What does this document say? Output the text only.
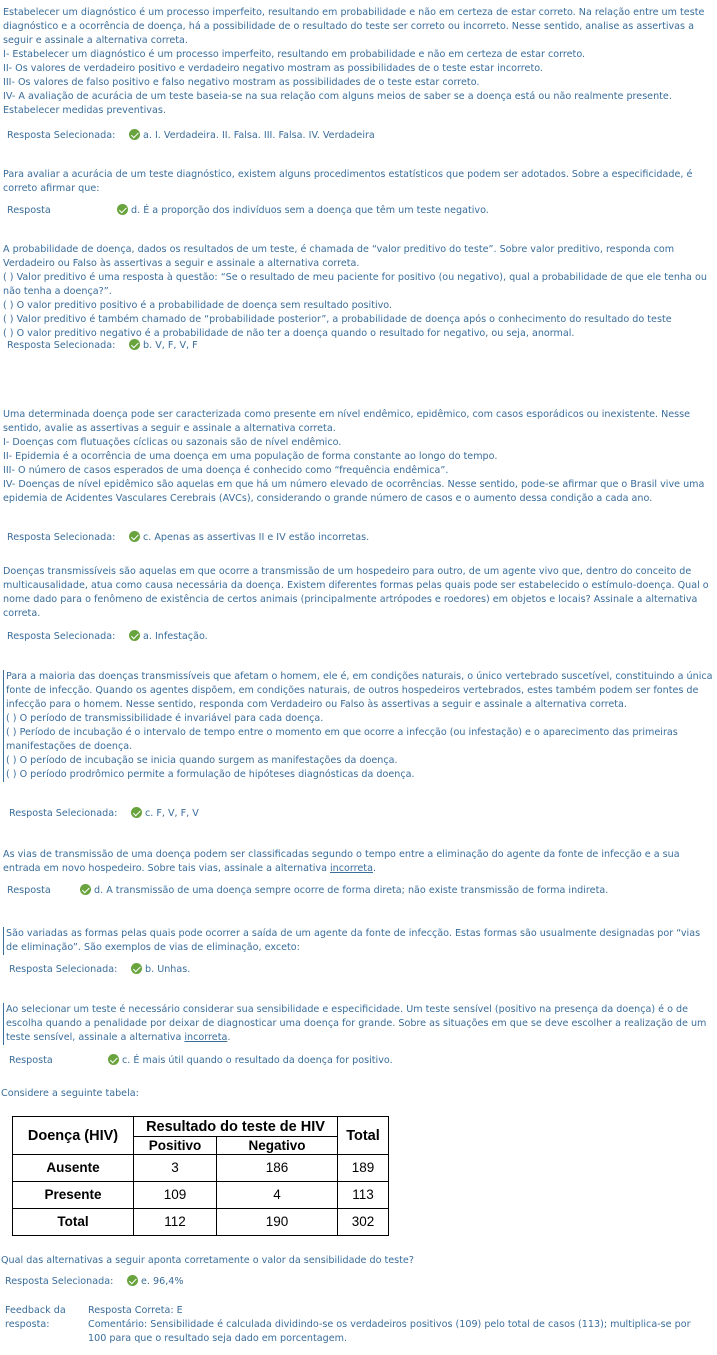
Estabelecer um diagnóstico é um processo imperfeito, resultando em probabilidade e não em certeza de estar correto. Na relação entre um teste diagnóstico e a ocorrência de doença, há a possibilidade de o resultado do teste ser correto ou incorreto. Nesse sentido, analise as assertivas a seguir e assinale a alternativa correta.

I- Estabelecer um diagnóstico é um processo imperfeito, resultando em probabilidade e não em certeza de estar correto.

II- Os valores de verdadeiro positivo e verdadeiro negativo mostram as possibilidades de o teste estar incorreto.

III- Os valores de falso positivo e falso negativo mostram as possibilidades de o teste estar correto.

IV- A avaliação de acurácia de um teste baseia-se na sua relação com alguns meios de saber se a doença está ou não realmente presente. Estabelecer medidas preventivas.

Resposta Selecionada:	a. I. Verdadeira. II. Falsa. III. Falsa. IV. Verdadeira

Para avaliar a acurácia de um teste diagnóstico, existem alguns procedimentos estatísticos que podem ser adotados. Sobre a especificidade, é correto afirmar que:

Resposta	d. É a proporção dos indivíduos sem a doença que têm um teste negativo.

A probabilidade de doença, dados os resultados de um teste, é chamada de “valor preditivo do teste”. Sobre valor preditivo, responda com Verdadeiro ou Falso às assertivas a seguir e assinale a alternativa correta.

( ) Valor preditivo é uma resposta à questão: “Se o resultado de meu paciente for positivo (ou negativo), qual a probabilidade de que ele tenha ou não tenha a doença?”.

( ) O valor preditivo positivo é a probabilidade de doença sem resultado positivo.

( ) Valor preditivo é também chamado de “probabilidade posterior”, a probabilidade de doença após o conhecimento do resultado do teste

( ) O valor preditivo negativo é a probabilidade de não ter a doença quando o resultado for negativo, ou seja, anormal.

Resposta Selecionada:	b. V, F, V, F

Uma determinada doença pode ser caracterizada como presente em nível endêmico, epidêmico, com casos esporádicos ou inexistente. Nesse sentido, avalie as assertivas a seguir e assinale a alternativa correta.

I- Doenças com flutuações cíclicas ou sazonais são de nível endêmico.

II- Epidemia é a ocorrência de uma doença em uma população de forma constante ao longo do tempo.

III- O número de casos esperados de uma doença é conhecido como “frequência endêmica”.

IV- Doenças de nível epidêmico são aquelas em que há um número elevado de ocorrências. Nesse sentido, pode-se afirmar que o Brasil vive uma epidemia de Acidentes Vasculares Cerebrais (AVCs), considerando o grande número de casos e o aumento dessa condição a cada ano.

Resposta Selecionada:	c. Apenas as assertivas II e IV estão incorretas.

Doenças transmissíveis são aquelas em que ocorre a transmissão de um hospedeiro para outro, de um agente vivo que, dentro do conceito de multicausalidade, atua como causa necessária da doença. Existem diferentes formas pelas quais pode ser estabelecido o estímulo-doença. Qual o nome dado para o fenômeno de existência de certos animais (principalmente artrópodes e roedores) em objetos e locais? Assinale a alternativa correta.

Resposta Selecionada:	a. Infestação.

Para a maioria das doenças transmissíveis que afetam o homem, ele é, em condições naturais, o único vertebrado suscetível, constituindo a única fonte de infecção. Quando os agentes dispõem, em condições naturais, de outros hospedeiros vertebrados, estes também podem ser fontes de infecção para o homem. Nesse sentido, responda com Verdadeiro ou Falso às assertivas a seguir e assinale a alternativa correta.

( ) O período de transmissibilidade é invariável para cada doença.

( ) Período de incubação é o intervalo de tempo entre o momento em que ocorre a infecção (ou infestação) e o aparecimento das primeiras manifestações de doença.

( ) O período de incubação se inicia quando surgem as manifestações da doença.

( ) O período prodrômico permite a formulação de hipóteses diagnósticas da doença.

Resposta Selecionada:	c. F, V, F, V

As vias de transmissão de uma doença podem ser classificadas segundo o tempo entre a eliminação do agente da fonte de infecção e a sua entrada em novo hospedeiro. Sobre tais vias, assinale a alternativa incorreta.

Resposta	d. A transmissão de uma doença sempre ocorre de forma direta; não existe transmissão de forma indireta.

São variadas as formas pelas quais pode ocorrer a saída de um agente da fonte de infecção. Estas formas são usualmente designadas por “vias de eliminação”. São exemplos de vias de eliminação, exceto:

Resposta Selecionada:	b. Unhas.

Ao selecionar um teste é necessário considerar sua sensibilidade e especificidade. Um teste sensível (positivo na presença da doença) é o de escolha quando a penalidade por deixar de diagnosticar uma doença for grande. Sobre as situações em que se deve escolher a realização de um teste sensível, assinale a alternativa incorreta.

Resposta	c. É mais útil quando o resultado da doença for positivo.

Considere a seguinte tabela:

Doença (HIV)	Resultado do teste de HIV		Total
	Positivo	Negativo	
Ausente	3	186	189
Presente	109	4	113
Total	112	190	302

Qual das alternativas a seguir aponta corretamente o valor da sensibilidade do teste?

Resposta Selecionada:	e. 96,4%
Feedback da resposta:
Resposta Correta: E
Comentário: Sensibilidade é calculada dividindo-se os verdadeiros positivos (109) pelo total de casos (113); multiplica-se por 100 para que o resultado seja dado em porcentagem.
